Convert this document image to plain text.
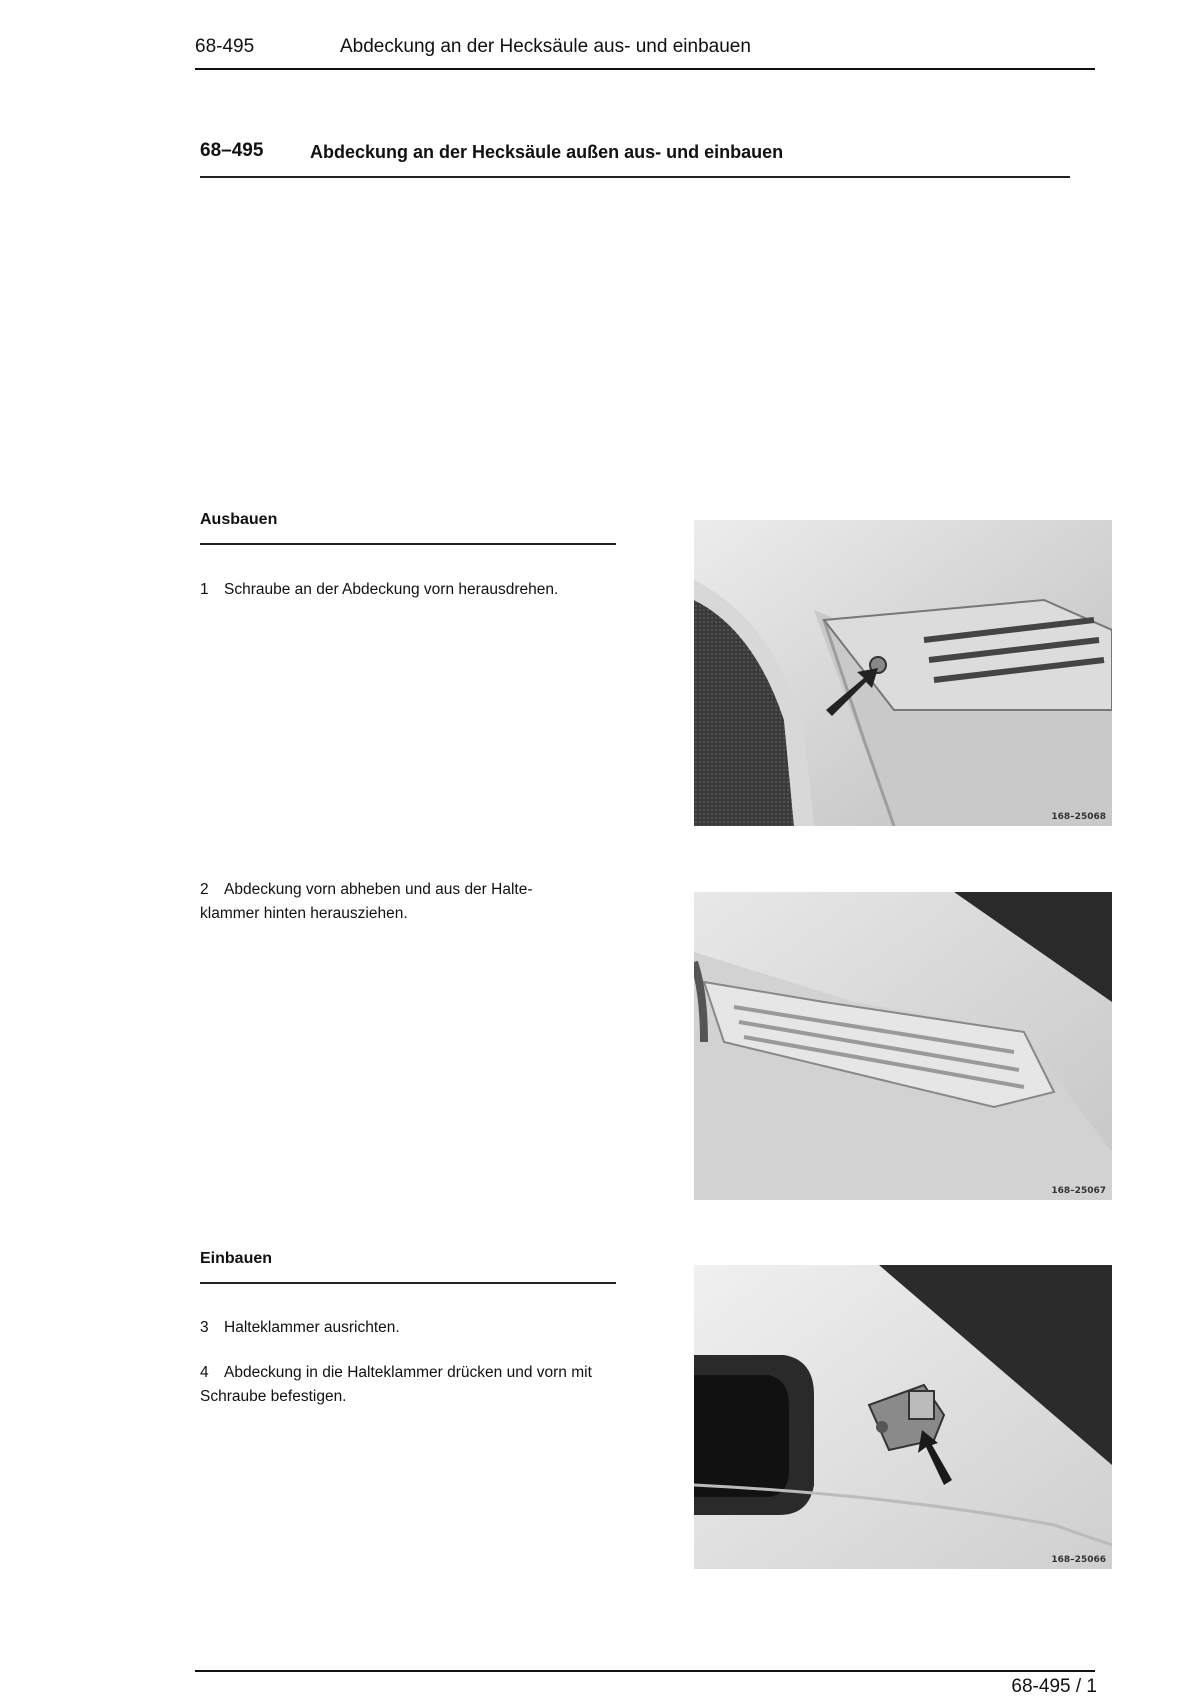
68-495	Abdeckung an der Hecksäule aus- und einbauen
68–495	Abdeckung an der Hecksäule außen aus- und einbauen
Ausbauen
1 Schraube an der Abdeckung vorn herausdrehen.
2 Abdeckung vorn abheben und aus der Halte-klammer hinten herausziehen.
Einbauen
3 Halteklammer ausrichten.
4 Abdeckung in die Halteklammer drücken und vorn mit Schraube befestigen.
168–25068
168–25067
168–25066
68-495 / 1
